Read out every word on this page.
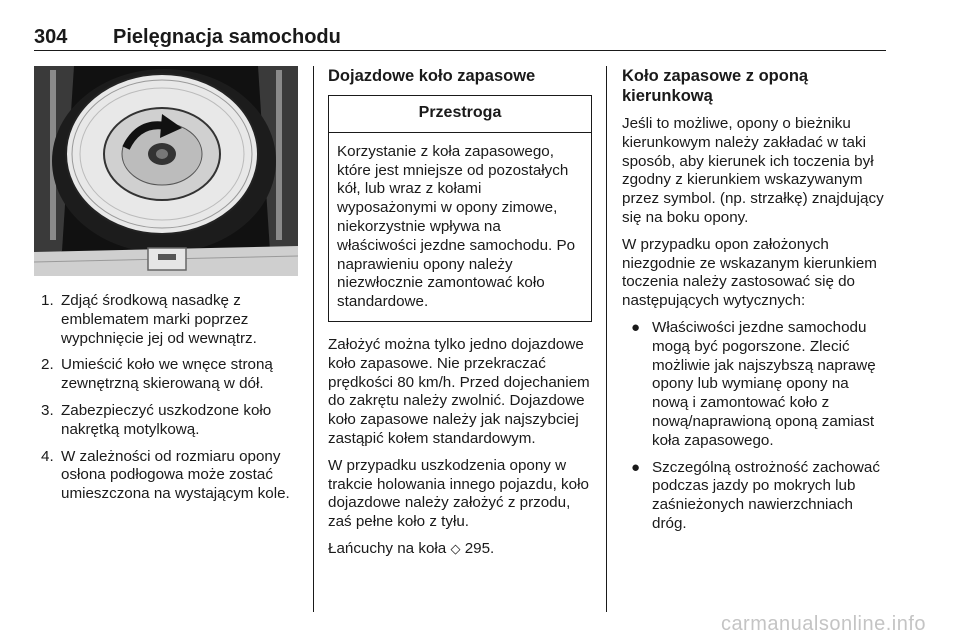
304 Pielęgnacja samochodu
1. Zdjąć środkową nasadkę z emblematem marki poprzez wypchnięcie jej od wewnątrz.
2. Umieścić koło we wnęce stroną zewnętrzną skierowaną w dół.
3. Zabezpieczyć uszkodzone koło nakrętką motylkową.
4. W zależności od rozmiaru opony osłona podłogowa może zostać umieszczona na wystającym kole.
Dojazdowe koło zapasowe
Przestroga
Korzystanie z koła zapasowego, które jest mniejsze od pozostałych kół, lub wraz z kołami wyposażonymi w opony zimowe, niekorzystnie wpływa na właściwości jezdne samochodu. Po naprawieniu opony należy niezwłocznie zamontować koło standardowe.

Założyć można tylko jedno dojazdowe koło zapasowe. Nie przekraczać prędkości 80 km/h. Przed dojechaniem do zakrętu należy zwolnić. Dojazdowe koło zapasowe należy jak najszybciej zastąpić kołem standardowym.

W przypadku uszkodzenia opony w trakcie holowania innego pojazdu, koło dojazdowe należy założyć z przodu, zaś pełne koło z tyłu.

Łańcuchy na koła ◇ 295.

Koło zapasowe z oponą kierunkową

Jeśli to możliwe, opony o bieżniku kierunkowym należy zakładać w taki sposób, aby kierunek ich toczenia był zgodny z kierunkiem wskazywanym przez symbol. (np. strzałkę) znajdujący się na boku opony.

W przypadku opon założonych niezgodnie ze wskazanym kierunkiem toczenia należy zastosować się do następujących wytycznych:

● Właściwości jezdne samochodu mogą być pogorszone. Zlecić możliwie jak najszybszą naprawę opony lub wymianę opony na nową i zamontować koło z nową/naprawioną oponą zamiast koła zapasowego.
● Szczególną ostrożność zachować podczas jazdy po mokrych lub zaśnieżonych nawierzchniach dróg.
carmanualsonline.info
